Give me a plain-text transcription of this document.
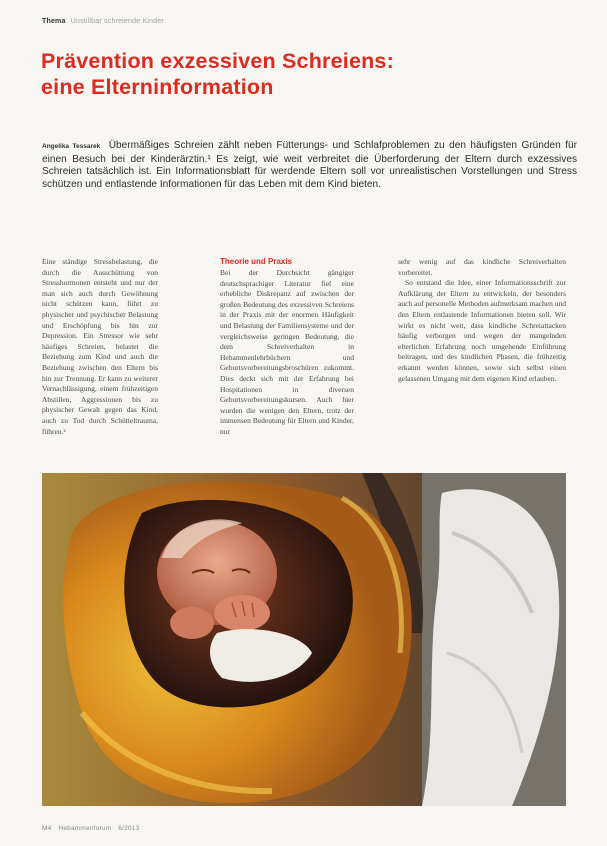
Thema Unstillbar schreiende Kinder
Prävention exzessiven Schreiens:
eine Elterninformation
Angelika Tessarek Übermäßiges Schreien zählt neben Fütterungs- und Schlafproblemen zu den häufigsten Gründen für einen Besuch bei der Kinderärztin.¹ Es zeigt, wie weit verbreitet die Überforderung der Eltern durch exzessives Schreien tatsächlich ist. Ein Informationsblatt für werdende Eltern soll vor unrealistischen Vorstellungen und Stress schützen und entlastende Informationen für das Leben mit dem Kind bieten.

Eine ständige Stressbelastung, die durch die Ausschüttung von Stresshormonen entsteht und nur der man sich auch durch Gewöhnung nicht schützen kann, führt zu physischer und psychischer Belastung und Erschöpfung bis hin zur Depression. Ein Stressor wie sehr häufiges Schreien, belastet die Beziehung zum Kind und auch die Beziehung zwischen den Eltern bis hin zur Trennung. Er kann zu weiterer Vernachlässigung, einem frühzeitigen Abstillen, Aggressionen bis zu physischer Gewalt gegen das Kind, auch zu Tod durch Schütteltrauma, führen.²

Theorie und Praxis

Bei der Durchsicht gängiger deutschsprachiger Literatur fiel eine erhebliche Diskrepanz auf zwischen der großen Bedeutung des exzessiven Schreiens in der Praxis mit der enormen Häufigkeit und Belastung der Familiensysteme und der vergleichsweise geringen Bedeutung, die dem Schreiverhalten in Hebammenlehrbüchern und Geburtsvorbereitungsbroschüren zukommt. Dies deckt sich mit der Erfahrung bei Hospitationen in diversen Geburtsvorbereitungskursen. Auch hier wurden die wenigen den Eltern, trotz der immensen Bedeutung für Eltern und Kinder, nur

sehr wenig auf das kindliche Schreiverhalten vorbereitet.

So entstand die Idee, einer Informationsschrift zur Aufklärung der Eltern zu entwickeln, der besonders auch auf personelle Methoden aufmerksam machen und den Eltern entlastende Informationen bieten soll. Wir wirkt es nicht weit, dass kindliche Schreiattacken häufig verborgen und wegen der mangelnden elterlichen Erfahrung noch umgehende Einführung beitragen, und des kindlichen Phasen, die frühzeitig erkannt werden können, sowie sich selbst einen gelassenen Umgang mit dem eigenen Kind erlauben.

M4 Hebammenforum 6/2013
